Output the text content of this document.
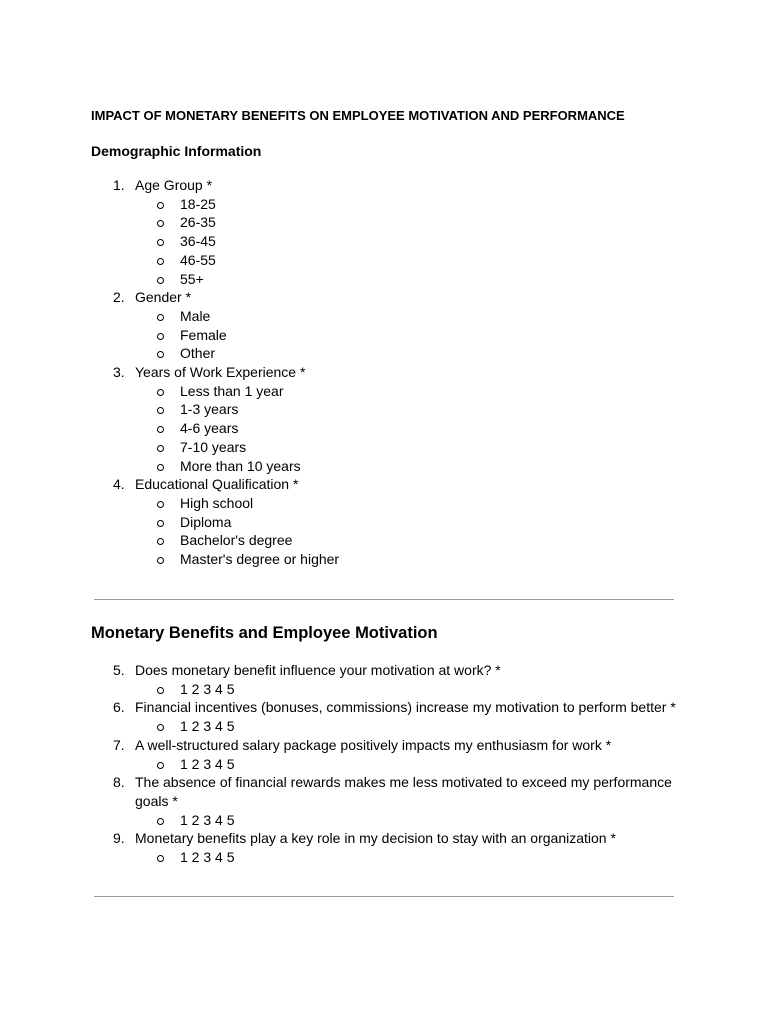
IMPACT OF MONETARY BENEFITS ON EMPLOYEE MOTIVATION AND PERFORMANCE
Demographic Information
1. Age Group *
18-25
26-35
36-45
46-55
55+
2. Gender *
Male
Female
Other
3. Years of Work Experience *
Less than 1 year
1-3 years
4-6 years
7-10 years
More than 10 years
4. Educational Qualification *
High school
Diploma
Bachelor's degree
Master's degree or higher
Monetary Benefits and Employee Motivation
5. Does monetary benefit influence your motivation at work? *
1 2 3 4 5
6. Financial incentives (bonuses, commissions) increase my motivation to perform better *
1 2 3 4 5
7. A well-structured salary package positively impacts my enthusiasm for work *
1 2 3 4 5
8. The absence of financial rewards makes me less motivated to exceed my performance goals *
1 2 3 4 5
9. Monetary benefits play a key role in my decision to stay with an organization *
1 2 3 4 5
